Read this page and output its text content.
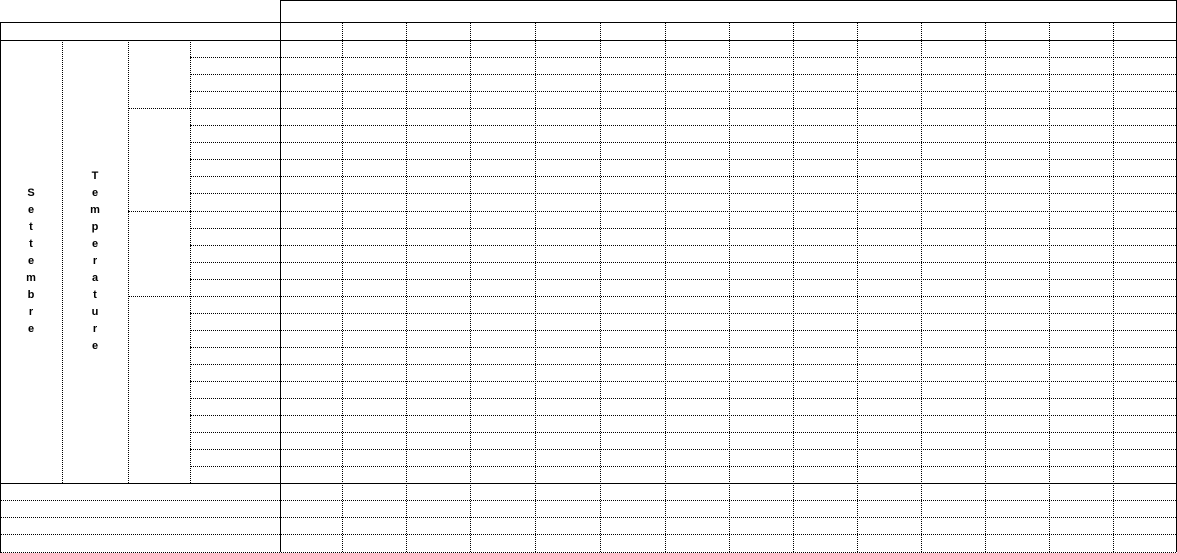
S
e
t
t
e
m
b
r
e
T
e
m
p
e
r
a
t
u
r
e
